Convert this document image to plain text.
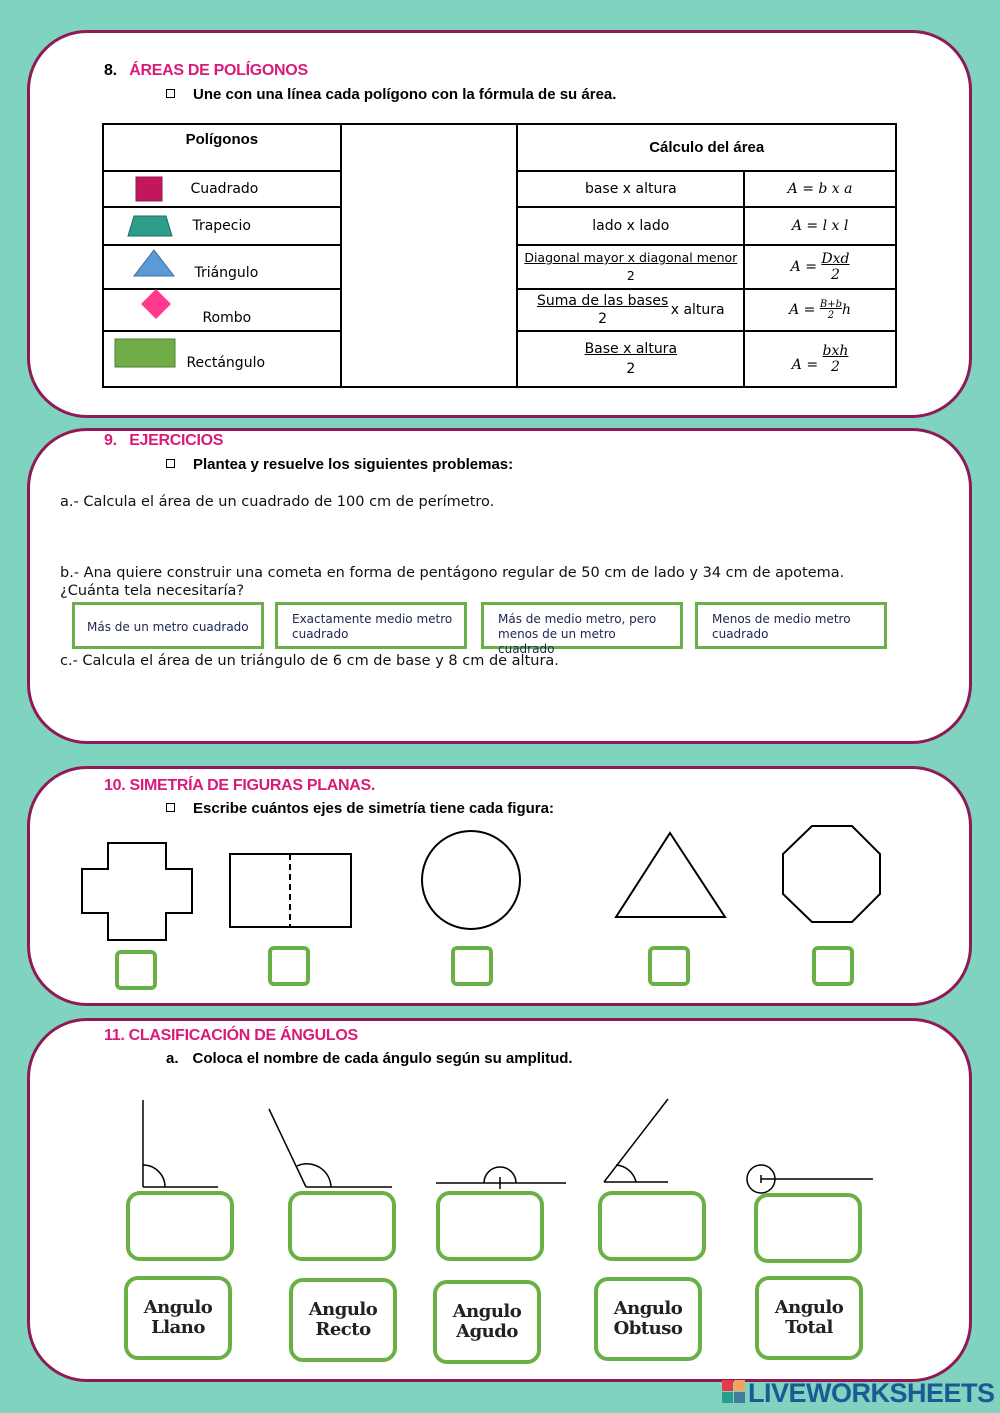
8. ÁREAS DE POLÍGONOS
Une con una línea cada polígono con la fórmula de su área.
Polígonos		Cálculo del área	
Cuadrado		base x altura	A = b x a
Trapecio		lado x lado	A = l x l
Triángulo		$\frac{\text{Diagonal mayor x diagonal menor}}{2}$	$A = \frac{\text{Dxd}}{2}$
Rombo		$\frac{\text{Suma de las bases}}{2}$ x altura	$A = \frac{B+b}{2}h$
Rectángulo		$\frac{\text{Base x altura}}{2}$	$A = \frac{\text{bxh}}{2}$
9. EJERCICIOS
Plantea y resuelve los siguientes problemas:
a.- Calcula el área de un cuadrado de 100 cm de perímetro.
b.- Ana quiere construir una cometa en forma de pentágono regular de 50 cm de lado y 34 cm de apotema.
¿Cuánta tela necesitaría?
Más de un metro cuadrado
Exactamente medio metro cuadrado
Más de medio metro, pero menos de un metro cuadrado
Menos de medio metro cuadrado
c.- Calcula el área de un triángulo de 6 cm de base y 8 cm de altura.
10. SIMETRÍA DE FIGURAS PLANAS.
Escribe cuántos ejes de simetría tiene cada figura:
11. CLASIFICACIÓN DE ÁNGULOS
a. Coloca el nombre de cada ángulo según su amplitud.
Angulo
Llano
Angulo
Recto
Angulo
Agudo
Angulo
Obtuso
Angulo
Total
LIVEWORKSHEETS
